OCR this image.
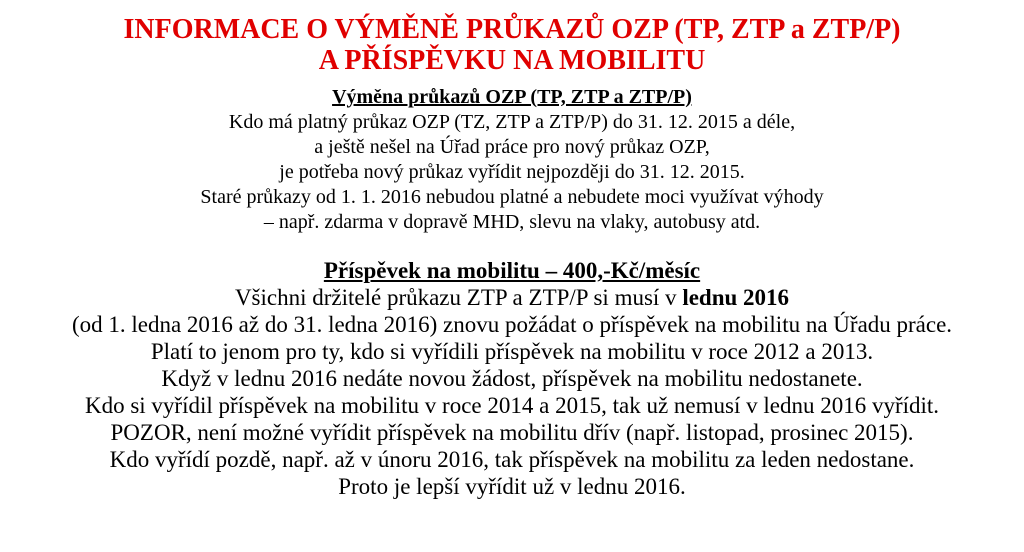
INFORMACE O VÝMĚNĚ PRŮKAZŮ OZP (TP, ZTP a ZTP/P)
A PŘÍSPĚVKU NA MOBILITU
Výměna průkazů OZP (TP, ZTP a ZTP/P)
Kdo má platný průkaz OZP (TZ, ZTP a ZTP/P) do 31. 12. 2015 a déle,
a ještě nešel na Úřad práce pro nový průkaz OZP,
je potřeba nový průkaz vyřídit nejpozději do 31. 12. 2015.
Staré průkazy od 1. 1. 2016 nebudou platné a nebudete moci využívat výhody
– např. zdarma v dopravě MHD, slevu na vlaky, autobusy atd.
Příspěvek na mobilitu – 400,-Kč/měsíc
Všichni držitelé průkazu ZTP a ZTP/P si musí v lednu 2016
(od 1. ledna 2016 až do 31. ledna 2016) znovu požádat o příspěvek na mobilitu na Úřadu práce.
Platí to jenom pro ty, kdo si vyřídili příspěvek na mobilitu v roce 2012 a 2013.
Když v lednu 2016 nedáte novou žádost, příspěvek na mobilitu nedostanete.
Kdo si vyřídil příspěvek na mobilitu v roce 2014 a 2015, tak už nemusí v lednu 2016 vyřídit.
POZOR, není možné vyřídit příspěvek na mobilitu dřív (např. listopad, prosinec 2015).
Kdo vyřídí pozdě, např. až v únoru 2016, tak příspěvek na mobilitu za leden nedostane.
Proto je lepší vyřídit už v lednu 2016.
